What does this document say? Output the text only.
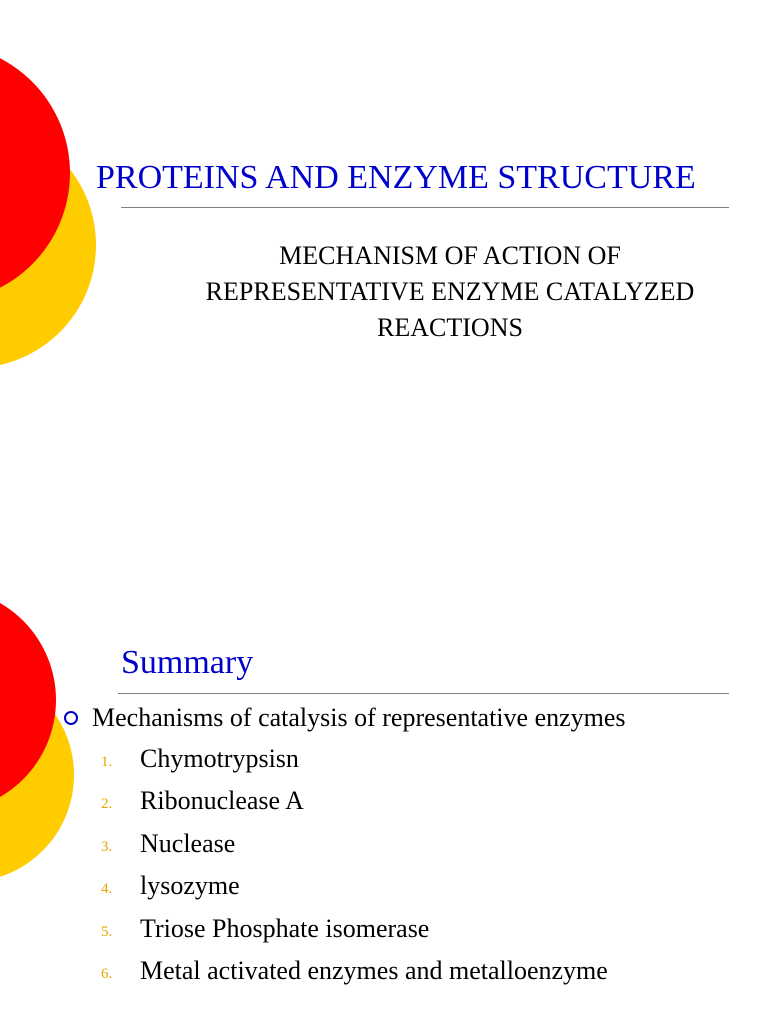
PROTEINS AND ENZYME STRUCTURE
MECHANISM OF ACTION OF
REPRESENTATIVE ENZYME CATALYZED
REACTIONS
Summary
Mechanisms of catalysis of representative enzymes
1.	Chymotrypsisn
2.	Ribonuclease A
3.	Nuclease
4.	lysozyme
5.	Triose Phosphate isomerase
6.	Metal activated enzymes and metalloenzyme
